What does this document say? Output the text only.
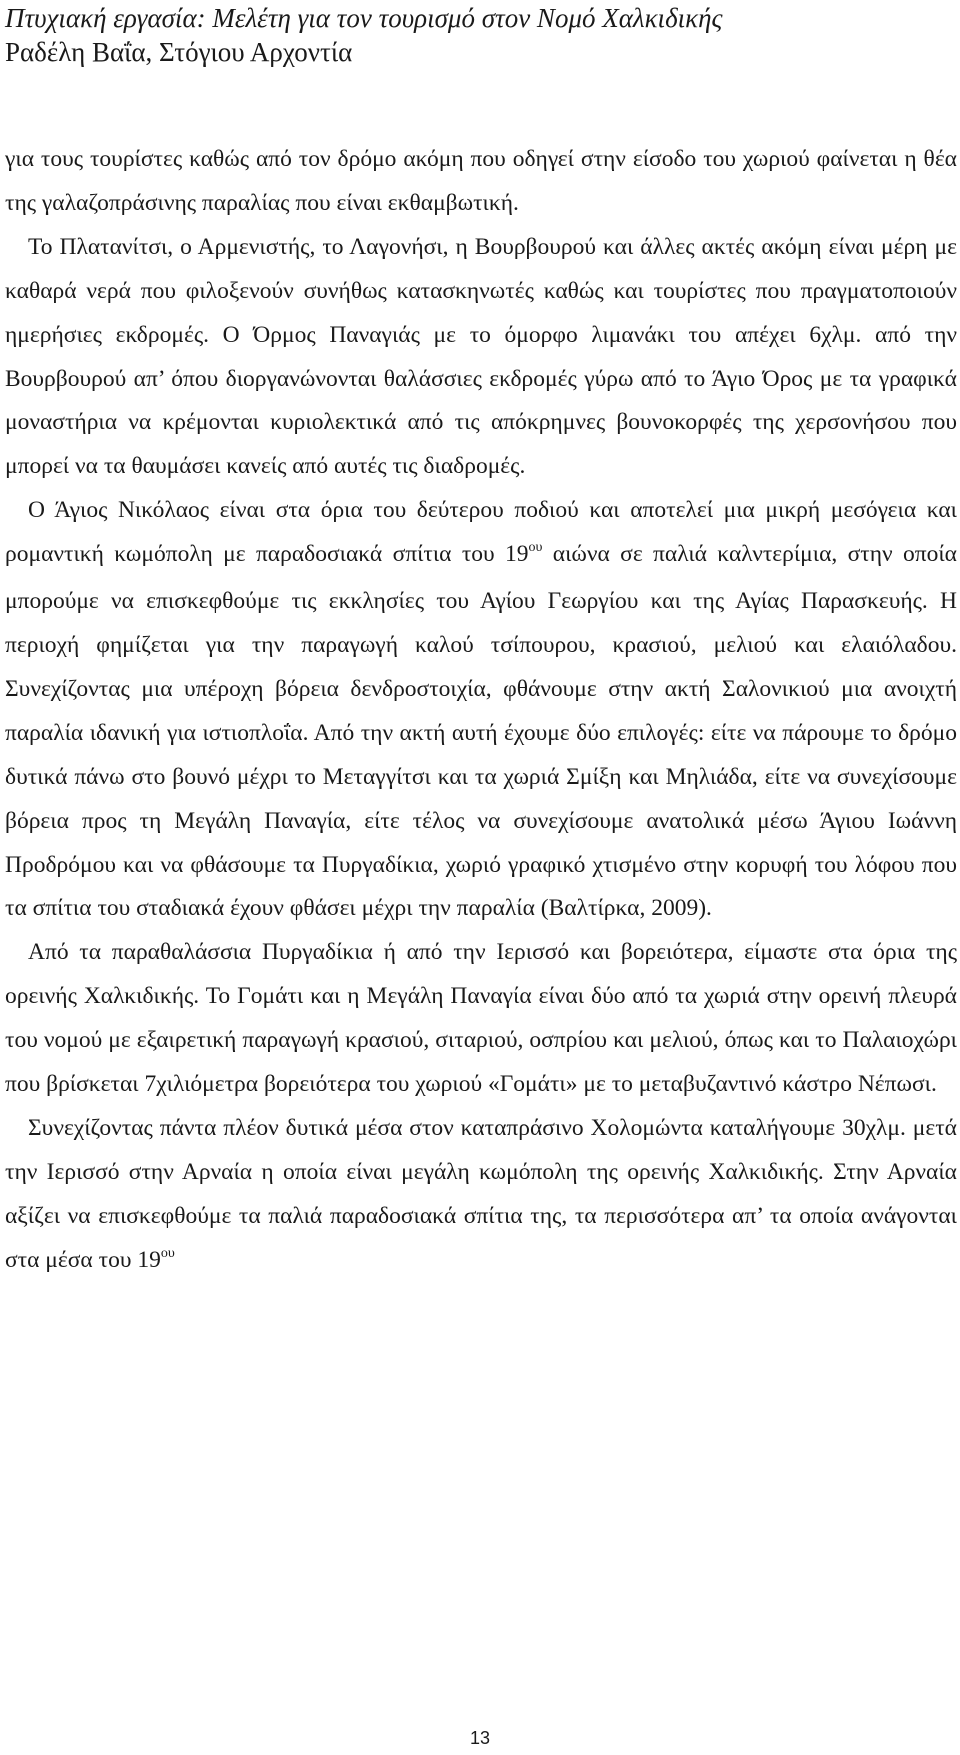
Πτυχιακή εργασία: Μελέτη για τον τουρισμό στον Νομό Χαλκιδικής

Ραδέλη Βαΐα, Στόγιου Αρχοντία

για τους τουρίστες καθώς από τον δρόμο ακόμη που οδηγεί στην είσοδο του χωριού φαίνεται η θέα της γαλαζοπράσινης παραλίας που είναι εκθαμβωτική.

Το Πλατανίτσι, ο Αρμενιστής, το Λαγονήσι, η Βουρβουρού και άλλες ακτές ακόμη είναι μέρη με καθαρά νερά που φιλοξενούν συνήθως κατασκηνωτές καθώς και τουρίστες που πραγματοποιούν ημερήσιες εκδρομές. Ο Όρμος Παναγιάς με το όμορφο λιμανάκι του απέχει 6χλμ. από την Βουρβουρού απ’ όπου διοργανώνονται θαλάσσιες εκδρομές γύρω από το Άγιο Όρος με τα γραφικά μοναστήρια να κρέμονται κυριολεκτικά από τις απόκρημνες βουνοκορφές της χερσονήσου που μπορεί να τα θαυμάσει κανείς από αυτές τις διαδρομές.

Ο Άγιος Νικόλαος είναι στα όρια του δεύτερου ποδιού και αποτελεί μια μικρή μεσόγεια και ρομαντική κωμόπολη με παραδοσιακά σπίτια του $19^{o\upsilon}$ αιώνα σε παλιά καλντερίμια, στην οποία μπορούμε να επισκεφθούμε τις εκκλησίες του Αγίου Γεωργίου και της Αγίας Παρασκευής. Η περιοχή φημίζεται για την παραγωγή καλού τσίπουρου, κρασιού, μελιού και ελαιόλαδου. Συνεχίζοντας μια υπέροχη βόρεια δενδροστοιχία, φθάνουμε στην ακτή Σαλονικιού μια ανοιχτή παραλία ιδανική για ιστιοπλοΐα. Από την ακτή αυτή έχουμε δύο επιλογές: είτε να πάρουμε το δρόμο δυτικά πάνω στο βουνό μέχρι το Μεταγγίτσι και τα χωριά Σμίξη και Μηλιάδα, είτε να συνεχίσουμε βόρεια προς τη Μεγάλη Παναγία, είτε τέλος να συνεχίσουμε ανατολικά μέσω Άγιου Ιωάννη Προδρόμου και να φθάσουμε τα Πυργαδίκια, χωριό γραφικό χτισμένο στην κορυφή του λόφου που τα σπίτια του σταδιακά έχουν φθάσει μέχρι την παραλία (Βαλτίρκα, 2009).

Από τα παραθαλάσσια Πυργαδίκια ή από την Ιερισσό και βορειότερα, είμαστε στα όρια της ορεινής Χαλκιδικής. Το Γομάτι και η Μεγάλη Παναγία είναι δύο από τα χωριά στην ορεινή πλευρά του νομού με εξαιρετική παραγωγή κρασιού, σιταριού, οσπρίου και μελιού, όπως και το Παλαιοχώρι που βρίσκεται 7χιλιόμετρα βορειότερα του χωριού «Γομάτι» με το μεταβυζαντινό κάστρο Νέπωσι.

Συνεχίζοντας πάντα πλέον δυτικά μέσα στον καταπράσινο Χολομώντα καταλήγουμε 30χλμ. μετά την Ιερισσό στην Αρναία η οποία είναι μεγάλη κωμόπολη της ορεινής Χαλκιδικής. Στην Αρναία αξίζει να επισκεφθούμε τα παλιά παραδοσιακά σπίτια της, τα περισσότερα απ’ τα οποία ανάγονται στα μέσα του $19^{o\upsilon}$

13
